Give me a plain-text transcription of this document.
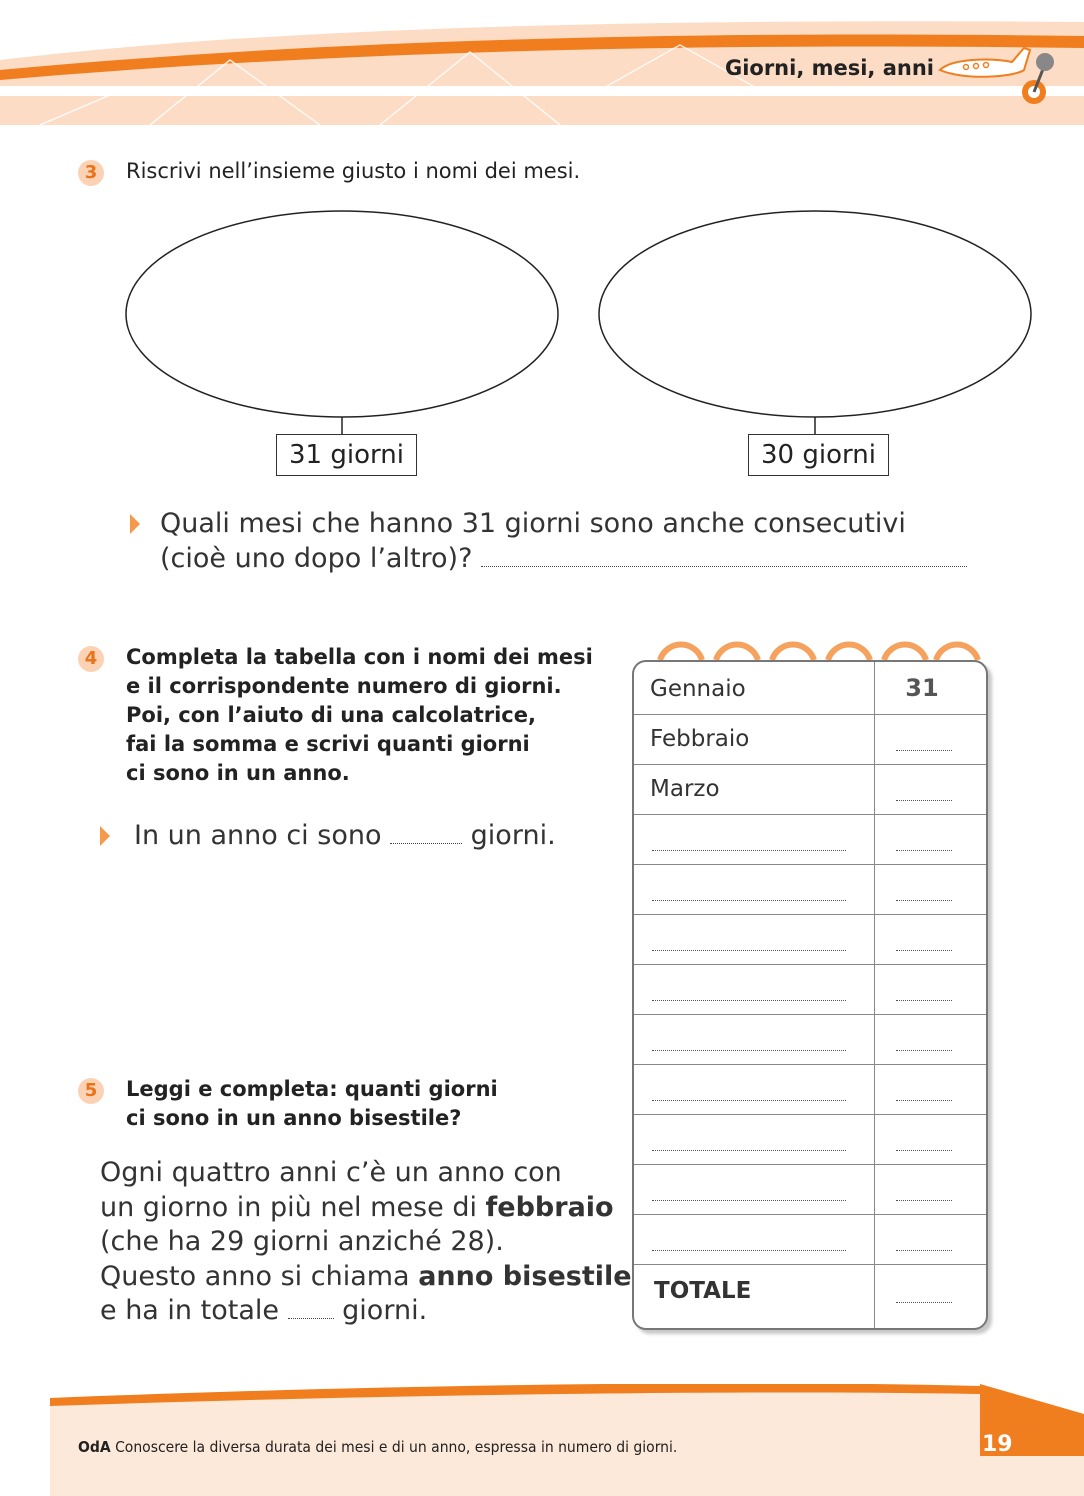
Giorni, mesi, anni
3	Riscrivi nell’insieme giusto i nomi dei mesi.
31 giorni	30 giorni
Quali mesi che hanno 31 giorni sono anche consecutivi
(cioè uno dopo l’altro)?
4	Completa la tabella con i nomi dei mesi
e il corrispondente numero di giorni.
Poi, con l’aiuto di una calcolatrice,
fai la somma e scrivi quanti giorni
ci sono in un anno.
In un anno ci sono	giorni.
5	Leggi e completa: quanti giorni
ci sono in un anno bisestile?
Ogni quattro anni c’è un anno con
un giorno in più nel mese di febbraio
(che ha 29 giorni anziché 28).
Questo anno si chiama anno bisestile
e ha in totale giorni.
Gennaio	31
Febbraio
Marzo
TOTALE
OdA Conoscere la diversa durata dei mesi e di un anno, espressa in numero di giorni.	19
